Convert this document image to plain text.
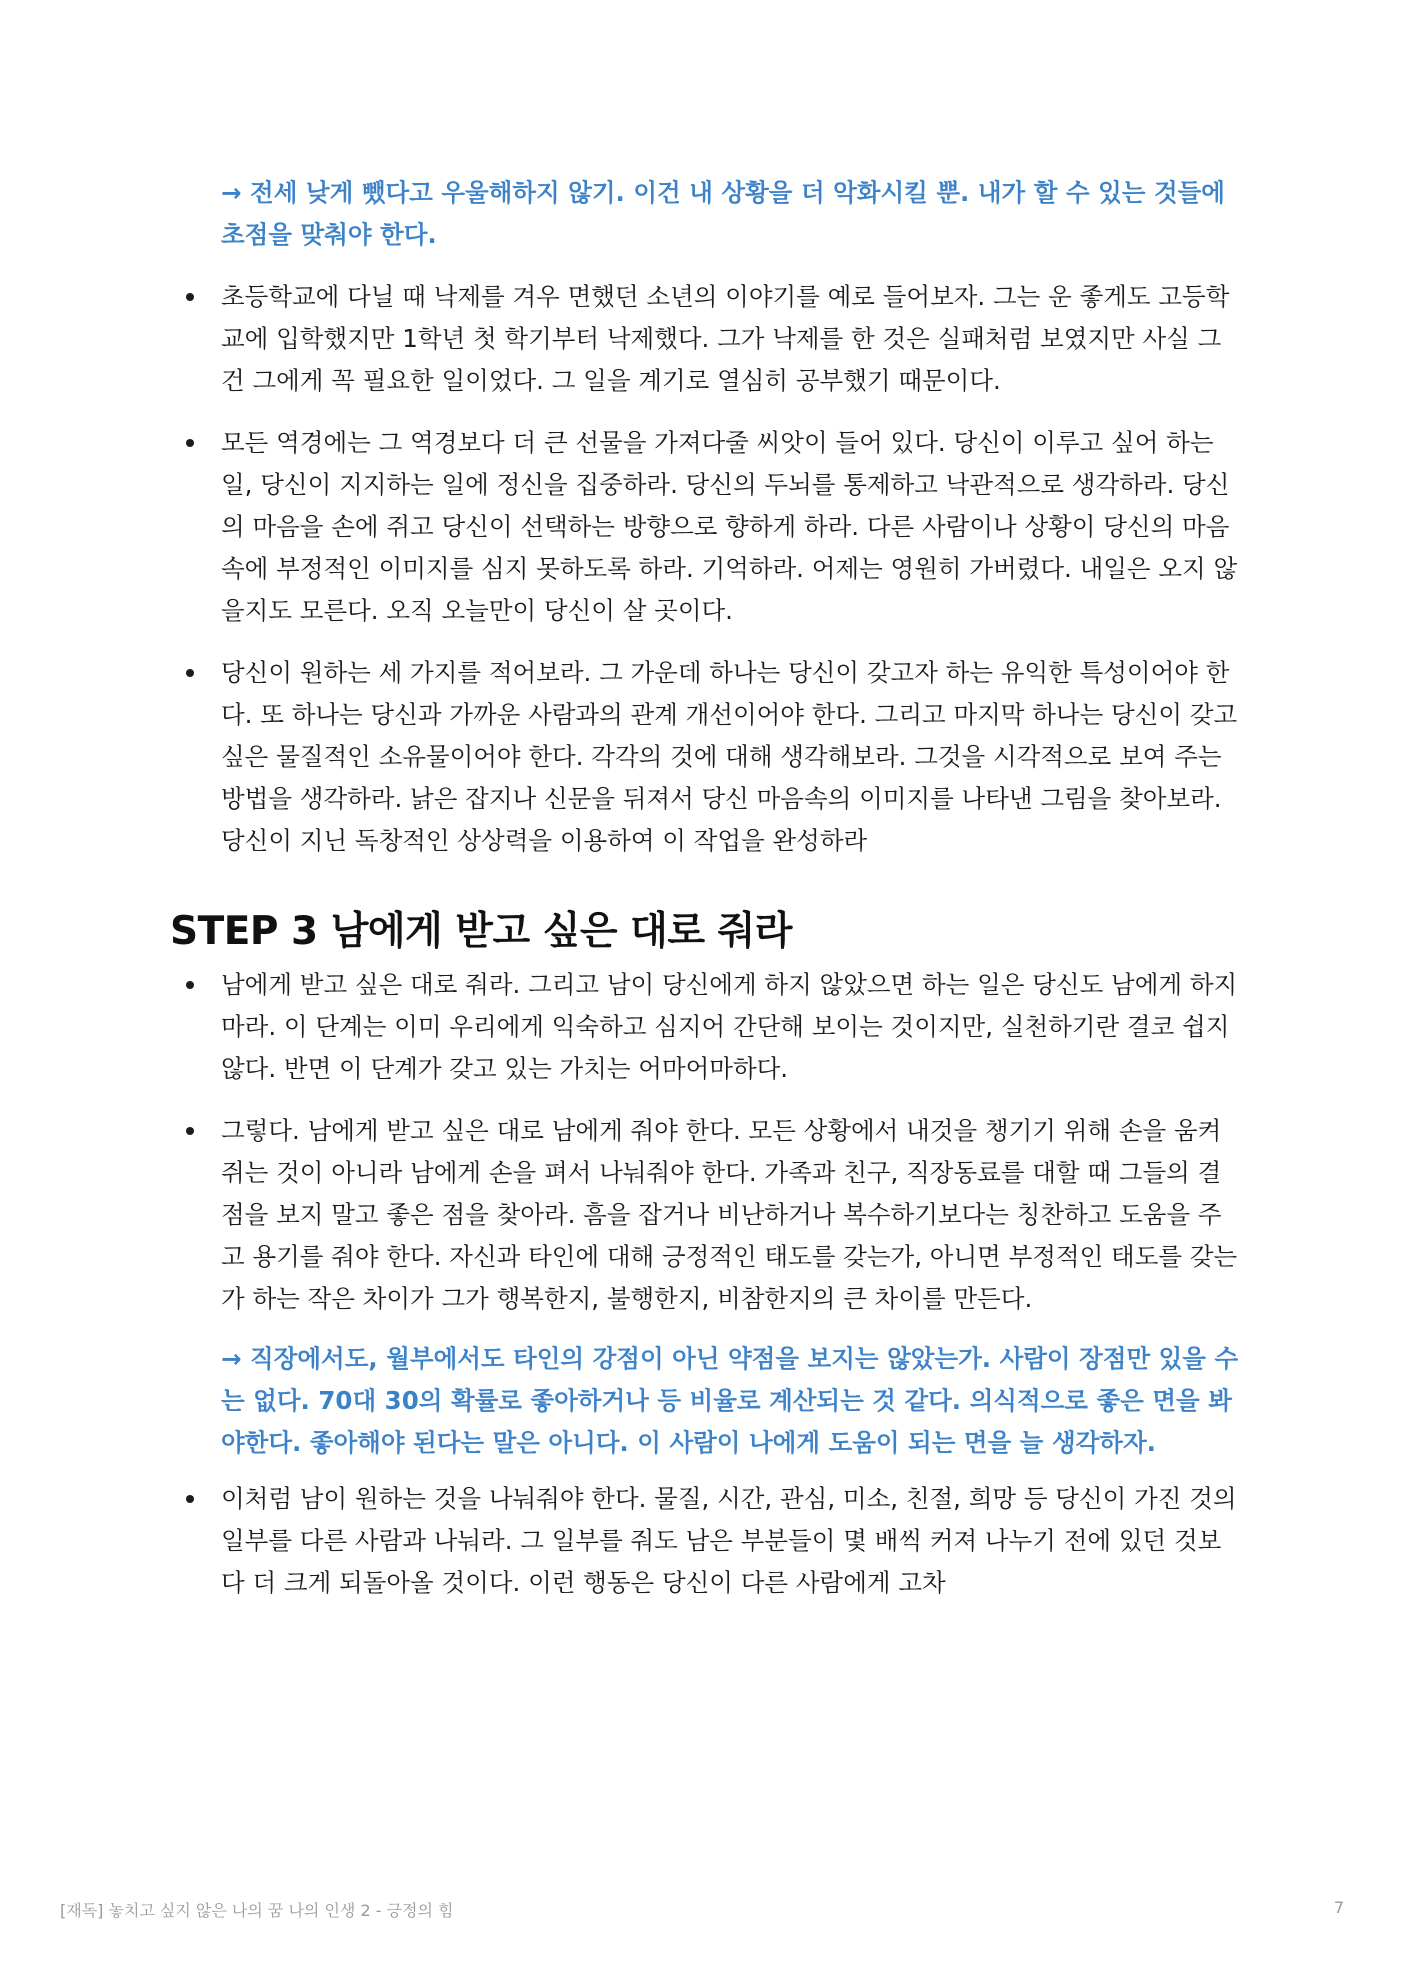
→ 전세 낮게 뺐다고 우울해하지 않기. 이건 내 상황을 더 악화시킬 뿐. 내가 할 수 있는 것들에 초점을 맞춰야 한다.

초등학교에 다닐 때 낙제를 겨우 면했던 소년의 이야기를 예로 들어보자. 그는 운 좋게도 고등학교에 입학했지만 1학년 첫 학기부터 낙제했다. 그가 낙제를 한 것은 실패처럼 보였지만 사실 그건 그에게 꼭 필요한 일이었다. 그 일을 계기로 열심히 공부했기 때문이다.
모든 역경에는 그 역경보다 더 큰 선물을 가져다줄 씨앗이 들어 있다. 당신이 이루고 싶어 하는 일, 당신이 지지하는 일에 정신을 집중하라. 당신의 두뇌를 통제하고 낙관적으로 생각하라. 당신의 마음을 손에 쥐고 당신이 선택하는 방향으로 향하게 하라. 다른 사람이나 상황이 당신의 마음속에 부정적인 이미지를 심지 못하도록 하라. 기억하라. 어제는 영원히 가버렸다. 내일은 오지 않을지도 모른다. 오직 오늘만이 당신이 살 곳이다.
당신이 원하는 세 가지를 적어보라. 그 가운데 하나는 당신이 갖고자 하는 유익한 특성이어야 한다. 또 하나는 당신과 가까운 사람과의 관계 개선이어야 한다. 그리고 마지막 하나는 당신이 갖고 싶은 물질적인 소유물이어야 한다. 각각의 것에 대해 생각해보라. 그것을 시각적으로 보여 주는 방법을 생각하라. 낡은 잡지나 신문을 뒤져서 당신 마음속의 이미지를 나타낸 그림을 찾아보라. 당신이 지닌 독창적인 상상력을 이용하여 이 작업을 완성하라
STEP 3 남에게 받고 싶은 대로 줘라
남에게 받고 싶은 대로 줘라. 그리고 남이 당신에게 하지 않았으면 하는 일은 당신도 남에게 하지 마라. 이 단계는 이미 우리에게 익숙하고 심지어 간단해 보이는 것이지만, 실천하기란 결코 쉽지 않다. 반면 이 단계가 갖고 있는 가치는 어마어마하다.
그렇다. 남에게 받고 싶은 대로 남에게 줘야 한다. 모든 상황에서 내것을 챙기기 위해 손을 움켜 쥐는 것이 아니라 남에게 손을 펴서 나눠줘야 한다. 가족과 친구, 직장동료를 대할 때 그들의 결점을 보지 말고 좋은 점을 찾아라. 흠을 잡거나 비난하거나 복수하기보다는 칭찬하고 도움을 주고 용기를 줘야 한다. 자신과 타인에 대해 긍정적인 태도를 갖는가, 아니면 부정적인 태도를 갖는가 하는 작은 차이가 그가 행복한지, 불행한지, 비참한지의 큰 차이를 만든다.

→ 직장에서도, 월부에서도 타인의 강점이 아닌 약점을 보지는 않았는가. 사람이 장점만 있을 수는 없다. 70대 30의 확률로 좋아하거나 등 비율로 계산되는 것 같다. 의식적으로 좋은 면을 봐야한다. 좋아해야 된다는 말은 아니다. 이 사람이 나에게 도움이 되는 면을 늘 생각하자.

이처럼 남이 원하는 것을 나눠줘야 한다. 물질, 시간, 관심, 미소, 친절, 희망 등 당신이 가진 것의 일부를 다른 사람과 나눠라. 그 일부를 줘도 남은 부분들이 몇 배씩 커져 나누기 전에 있던 것보다 더 크게 되돌아올 것이다. 이런 행동은 당신이 다른 사람에게 고차
[재독] 놓치고 싶지 않은 나의 꿈 나의 인생 2 - 긍정의 힘	7
